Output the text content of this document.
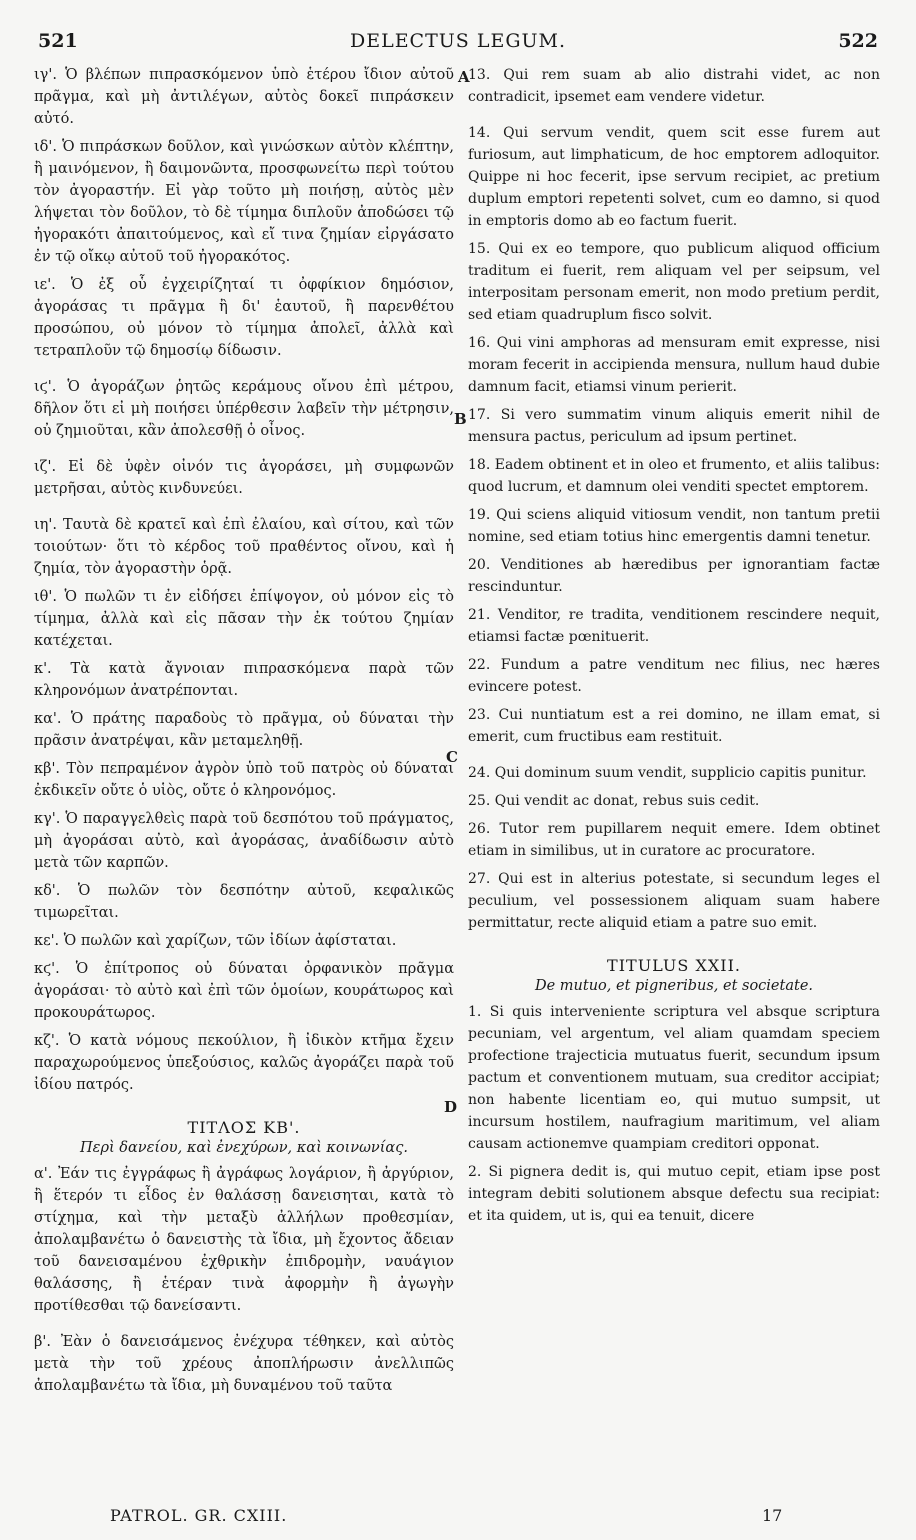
521	DELECTUS LEGUM.	522
A
B
C
D

ιγ'. Ὁ βλέπων πιπρασκόμενον ὑπὸ ἑτέρου ἴδιον αὐτοῦ πρᾶγμα, καὶ μὴ ἀντιλέγων, αὐτὸς δοκεῖ πιπράσκειν αὐτό.

ιδ'. Ὁ πιπράσκων δοῦλον, καὶ γινώσκων αὐτὸν κλέπτην, ἢ μαινόμενον, ἢ δαιμονῶντα, προσφωνείτω περὶ τούτου τὸν ἀγοραστήν. Εἰ γὰρ τοῦτο μὴ ποιήσῃ, αὐτὸς μὲν λήψεται τὸν δοῦλον, τὸ δὲ τίμημα διπλοῦν ἀποδώσει τῷ ἠγορακότι ἀπαιτούμενος, καὶ εἴ τινα ζημίαν εἰργάσατο ἐν τῷ οἴκῳ αὐτοῦ τοῦ ἠγορακότος.

ιε'. Ὁ ἐξ οὗ ἐγχειρίζηταί τι ὀφφίκιον δημόσιον, ἀγοράσας τι πρᾶγμα ἢ δι' ἑαυτοῦ, ἢ παρενθέτου προσώπου, οὐ μόνον τὸ τίμημα ἀπολεῖ, ἀλλὰ καὶ τετραπλοῦν τῷ δημοσίῳ δίδωσιν.

ιϛ'. Ὁ ἀγοράζων ῥητῶς κεράμους οἴνου ἐπὶ μέτρου, δῆλον ὅτι εἰ μὴ ποιήσει ὑπέρθεσιν λαβεῖν τὴν μέτρησιν, οὐ ζημιοῦται, κἂν ἀπολεσθῇ ὁ οἶνος.

ιζ'. Εἰ δὲ ὑφὲν οἰνόν τις ἀγοράσει, μὴ συμφωνῶν μετρῆσαι, αὐτὸς κινδυνεύει.

ιη'. Ταυτὰ δὲ κρατεῖ καὶ ἐπὶ ἐλαίου, καὶ σίτου, καὶ τῶν τοιούτων· ὅτι τὸ κέρδος τοῦ πραθέντος οἴνου, καὶ ἡ ζημία, τὸν ἀγοραστὴν ὁρᾷ.

ιθ'. Ὁ πωλῶν τι ἐν εἰδήσει ἐπίψογον, οὐ μόνον εἰς τὸ τίμημα, ἀλλὰ καὶ εἰς πᾶσαν τὴν ἐκ τούτου ζημίαν κατέχεται.

κ'. Τὰ κατὰ ἄγνοιαν πιπρασκόμενα παρὰ τῶν κληρονόμων ἀνατρέπονται.

κα'. Ὁ πράτης παραδοὺς τὸ πρᾶγμα, οὐ δύναται τὴν πρᾶσιν ἀνατρέψαι, κἂν μεταμεληθῇ.

κβ'. Τὸν πεπραμένον ἀγρὸν ὑπὸ τοῦ πατρὸς οὐ δύναται ἐκδικεῖν οὔτε ὁ υἱὸς, οὔτε ὁ κληρονόμος.

κγ'. Ὁ παραγγελθεὶς παρὰ τοῦ δεσπότου τοῦ πράγματος, μὴ ἀγοράσαι αὐτὸ, καὶ ἀγοράσας, ἀναδίδωσιν αὐτὸ μετὰ τῶν καρπῶν.

κδ'. Ὁ πωλῶν τὸν δεσπότην αὐτοῦ, κεφαλικῶς τιμωρεῖται.

κε'. Ὁ πωλῶν καὶ χαρίζων, τῶν ἰδίων ἀφίσταται.

κϛ'. Ὁ ἐπίτροπος οὐ δύναται ὀρφανικὸν πρᾶγμα ἀγοράσαι· τὸ αὐτὸ καὶ ἐπὶ τῶν ὁμοίων, κουράτωρος καὶ προκουράτωρος.

κζ'. Ὁ κατὰ νόμους πεκούλιον, ἢ ἰδικὸν κτῆμα ἔχειν παραχωρούμενος ὑπεξούσιος, καλῶς ἀγοράζει παρὰ τοῦ ἰδίου πατρός.

ΤΙΤΛΟΣ ΚΒ'.
Περὶ δανείου, καὶ ἐνεχύρων, καὶ κοινωνίας.

α'. Ἐάν τις ἐγγράφως ἢ ἀγράφως λογάριον, ἢ ἀργύριον, ἢ ἕτερόν τι εἶδος ἐν θαλάσσῃ δανεισηται, κατὰ τὸ στίχημα, καὶ τὴν μεταξὺ ἀλλήλων προθεσμίαν, ἀπολαμβανέτω ὁ δανειστὴς τὰ ἴδια, μὴ ἔχοντος ἄδειαν τοῦ δανεισαμένου ἐχθρικὴν ἐπιδρομὴν, ναυάγιον θαλάσσης, ἢ ἑτέραν τινὰ ἀφορμὴν ἢ ἀγωγὴν προτίθεσθαι τῷ δανείσαντι.

β'. Ἐὰν ὁ δανεισάμενος ἐνέχυρα τέθηκεν, καὶ αὐτὸς μετὰ τὴν τοῦ χρέους ἀποπλήρωσιν ἀνελλιπῶς ἀπολαμβανέτω τὰ ἴδια, μὴ δυναμένου τοῦ ταῦτα

13. Qui rem suam ab alio distrahi videt, ac non contradicit, ipsemet eam vendere videtur.

14. Qui servum vendit, quem scit esse furem aut furiosum, aut limphaticum, de hoc emptorem adloquitor. Quippe ni hoc fecerit, ipse servum recipiet, ac pretium duplum emptori repetenti solvet, cum eo damno, si quod in emptoris domo ab eo factum fuerit.

15. Qui ex eo tempore, quo publicum aliquod officium traditum ei fuerit, rem aliquam vel per seipsum, vel interpositam personam emerit, non modo pretium perdit, sed etiam quadruplum fisco solvit.

16. Qui vini amphoras ad mensuram emit expresse, nisi moram fecerit in accipienda mensura, nullum haud dubie damnum facit, etiamsi vinum perierit.

17. Si vero summatim vinum aliquis emerit nihil de mensura pactus, periculum ad ipsum pertinet.

18. Eadem obtinent et in oleo et frumento, et aliis talibus: quod lucrum, et damnum olei venditi spectet emptorem.

19. Qui sciens aliquid vitiosum vendit, non tantum pretii nomine, sed etiam totius hinc emergentis damni tenetur.

20. Venditiones ab hæredibus per ignorantiam factæ rescinduntur.

21. Venditor, re tradita, venditionem rescindere nequit, etiamsi factæ pœnituerit.

22. Fundum a patre venditum nec filius, nec hæres evincere potest.

23. Cui nuntiatum est a rei domino, ne illam emat, si emerit, cum fructibus eam restituit.

24. Qui dominum suum vendit, supplicio capitis punitur.

25. Qui vendit ac donat, rebus suis cedit.

26. Tutor rem pupillarem nequit emere. Idem obtinet etiam in similibus, ut in curatore ac procuratore.

27. Qui est in alterius potestate, si secundum leges el peculium, vel possessionem aliquam suam habere permittatur, recte aliquid etiam a patre suo emit.

TITULUS XXII.
De mutuo, et pigneribus, et societate.

1. Si quis interveniente scriptura vel absque scriptura pecuniam, vel argentum, vel aliam quamdam speciem profectione trajecticia mutuatus fuerit, secundum ipsum pactum et conventionem mutuam, sua creditor accipiat; non habente licentiam eo, qui mutuo sumpsit, ut incursum hostilem, naufragium maritimum, vel aliam causam actionemve quampiam creditori opponat.

2. Si pignera dedit is, qui mutuo cepit, etiam ipse post integram debiti solutionem absque defectu sua recipiat: et ita quidem, ut is, qui ea tenuit, dicere

PATROL. GR. CXIII.	17
